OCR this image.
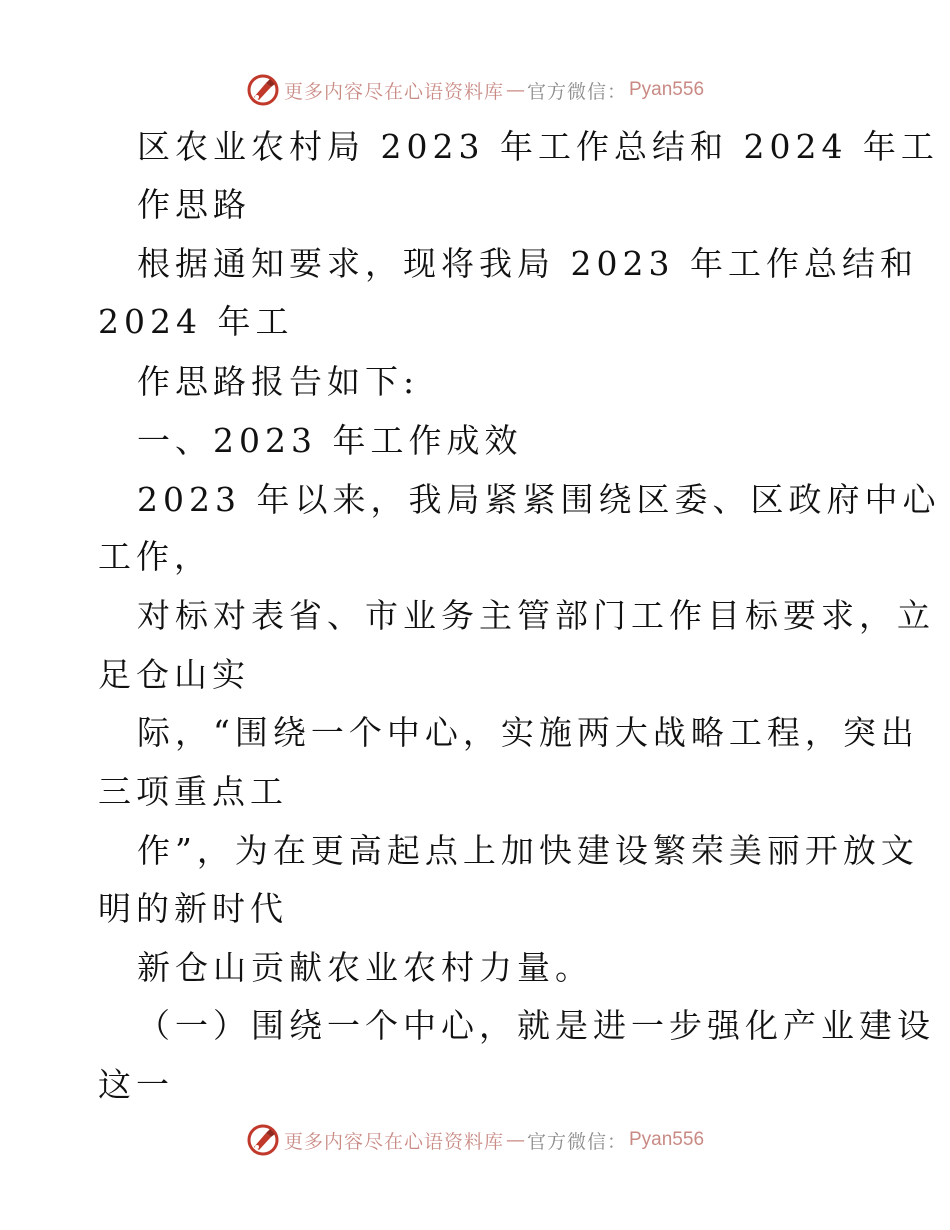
更多内容尽在心语资料库 — 官方微信： Pyan556
区农业农村局 2023 年工作总结和 2024 年工
作思路
根据通知要求，现将我局 2023 年工作总结和
2024 年工
作思路报告如下:
一、2023 年工作成效
2023 年以来，我局紧紧围绕区委、区政府中心
工作，
对标对表省、市业务主管部门工作目标要求，立
足仓山实
际，“围绕一个中心，实施两大战略工程，突出
三项重点工
作”，为在更高起点上加快建设繁荣美丽开放文
明的新时代
新仓山贡献农业农村力量。
（一）围绕一个中心，就是进一步强化产业建设
这一
更多内容尽在心语资料库 — 官方微信： Pyan556
